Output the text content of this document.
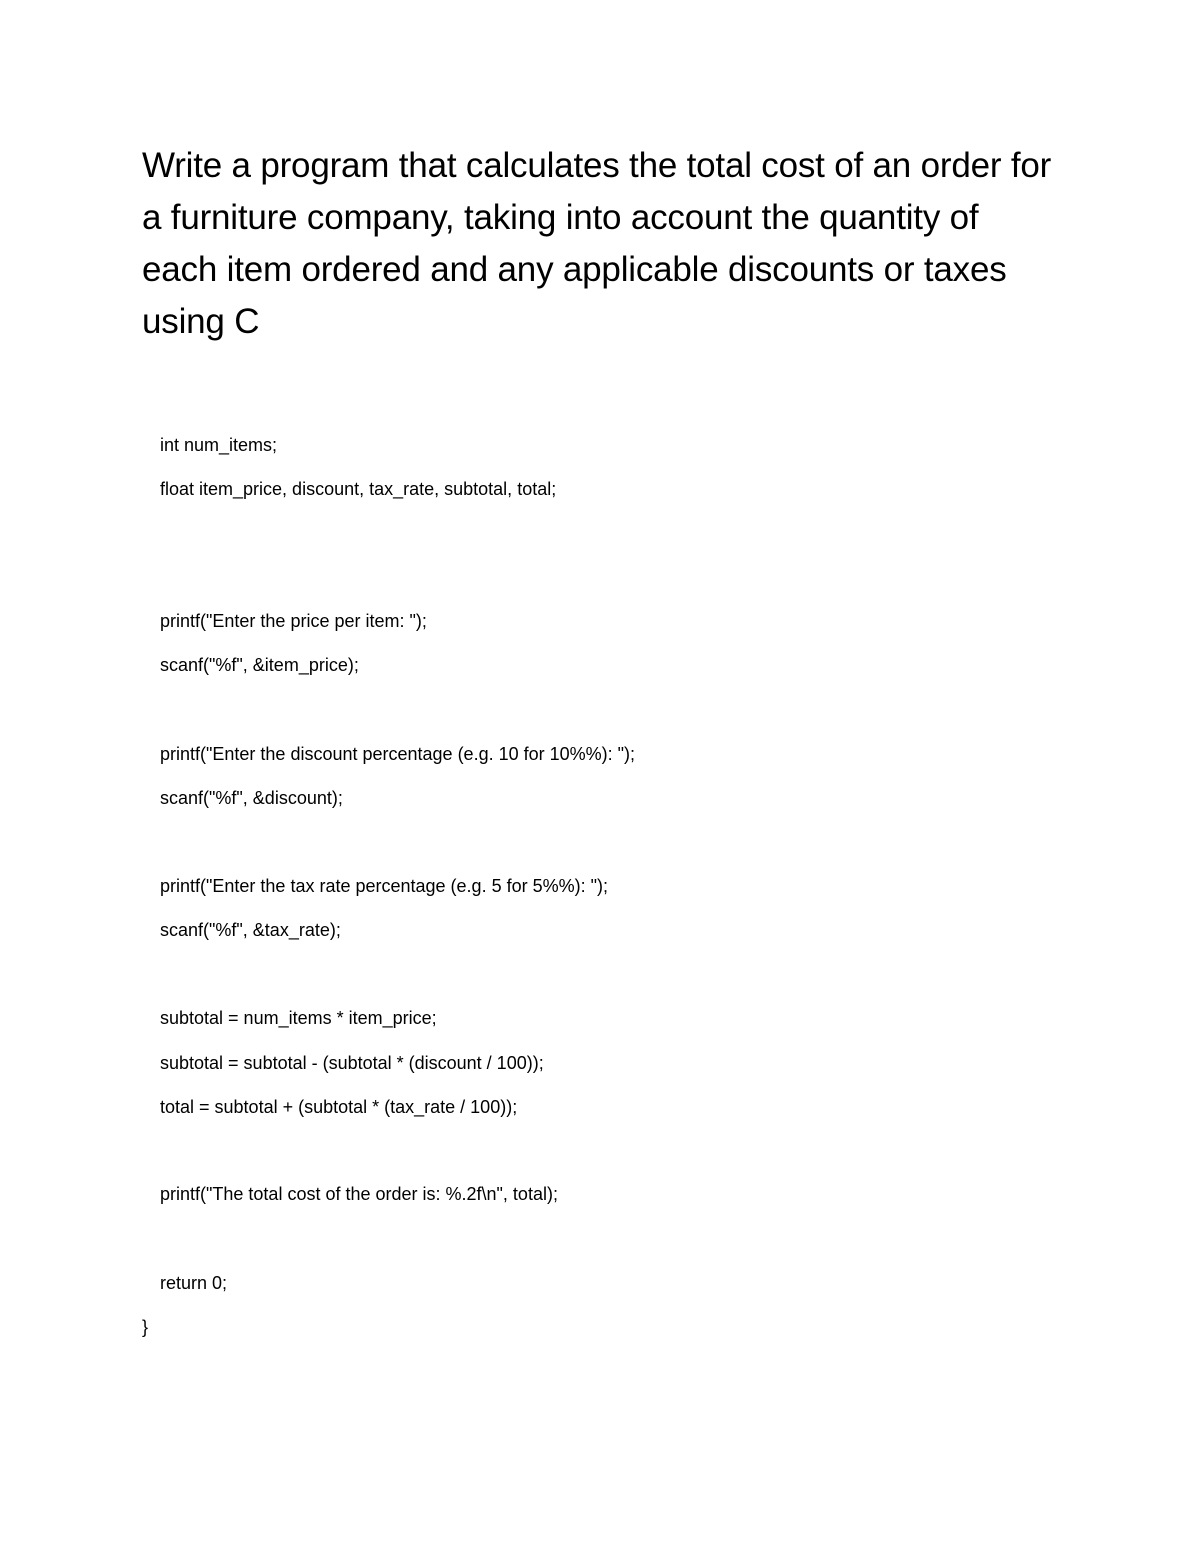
Write a program that calculates the total cost of an order for a furniture company, taking into account the quantity of each item ordered and any applicable discounts or taxes using C

int num_items;

float item_price, discount, tax_rate, subtotal, total;

printf("Enter the price per item: ");

scanf("%f", &item_price);

printf("Enter the discount percentage (e.g. 10 for 10%%): ");

scanf("%f", &discount);

printf("Enter the tax rate percentage (e.g. 5 for 5%%): ");

scanf("%f", &tax_rate);

subtotal = num_items * item_price;

subtotal = subtotal - (subtotal * (discount / 100));

total = subtotal + (subtotal * (tax_rate / 100));

printf("The total cost of the order is: %.2f\n", total);

return 0;

}
